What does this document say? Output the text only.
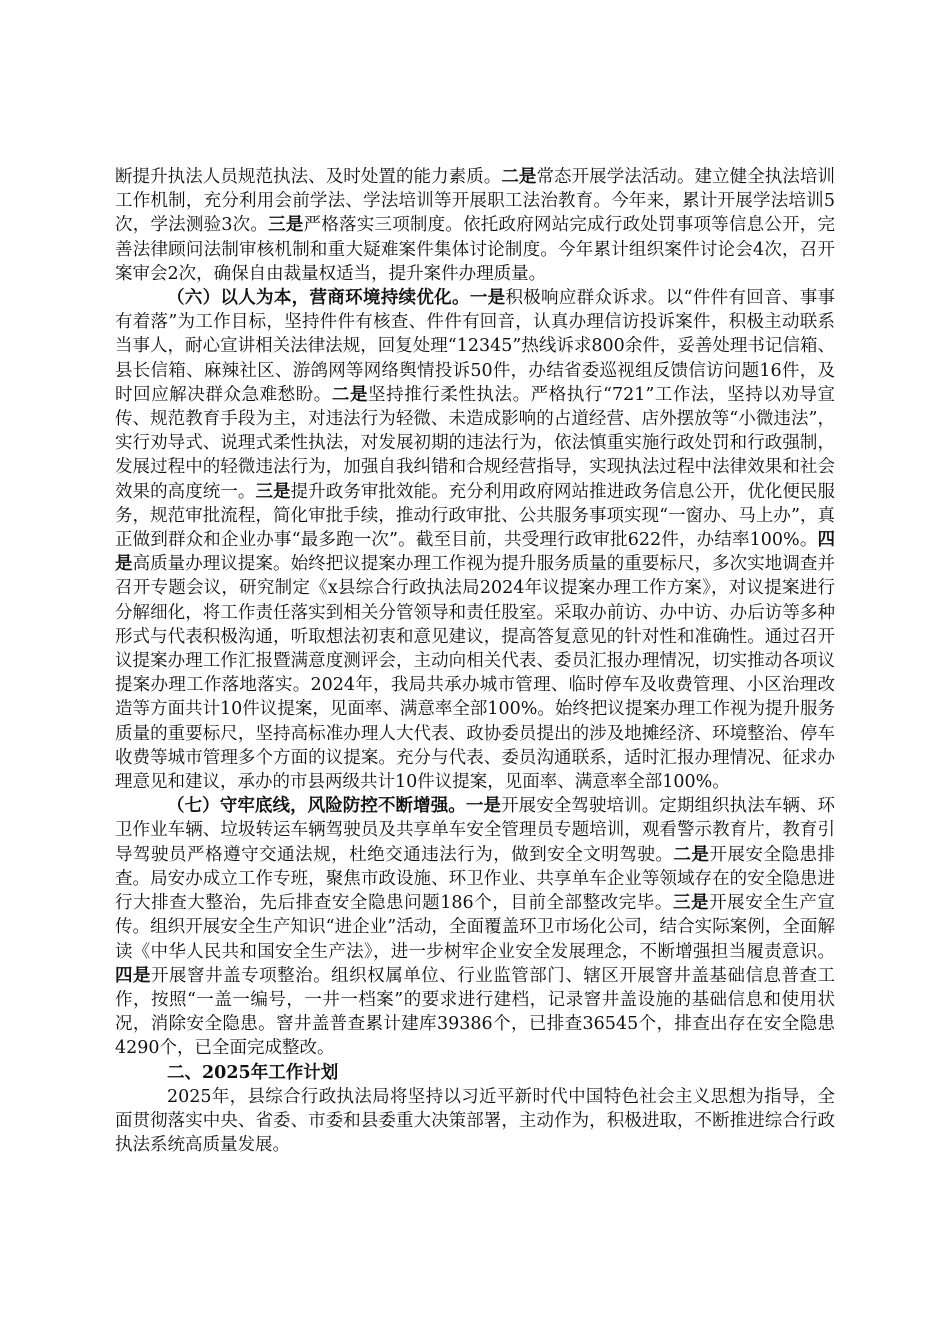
断提升执法人员规范执法、及时处置的能力素质。二是常态开展学法活动。建立健全执法培训工作机制，充分利用会前学法、学法培训等开展职工法治教育。今年来，累计开展学法培训5次，学法测验3次。三是严格落实三项制度。依托政府网站完成行政处罚事项等信息公开，完善法律顾问法制审核机制和重大疑难案件集体讨论制度。今年累计组织案件讨论会4次，召开案审会2次，确保自由裁量权适当，提升案件办理质量。

（六）以人为本，营商环境持续优化。一是积极响应群众诉求。以“件件有回音、事事有着落”为工作目标，坚持件件有核查、件件有回音，认真办理信访投诉案件，积极主动联系当事人，耐心宣讲相关法律法规，回复处理“12345”热线诉求800余件，妥善处理书记信箱、县长信箱、麻辣社区、游鸽网等网络舆情投诉50件，办结省委巡视组反馈信访问题16件，及时回应解决群众急难愁盼。二是坚持推行柔性执法。严格执行“721”工作法，坚持以劝导宣传、规范教育手段为主，对违法行为轻微、未造成影响的占道经营、店外摆放等“小微违法”，实行劝导式、说理式柔性执法，对发展初期的违法行为，依法慎重实施行政处罚和行政强制，发展过程中的轻微违法行为，加强自我纠错和合规经营指导，实现执法过程中法律效果和社会效果的高度统一。三是提升政务审批效能。充分利用政府网站推进政务信息公开，优化便民服务，规范审批流程，简化审批手续，推动行政审批、公共服务事项实现“一窗办、马上办”，真正做到群众和企业办事“最多跑一次”。截至目前，共受理行政审批622件，办结率100%。四是高质量办理议提案。始终把议提案办理工作视为提升服务质量的重要标尺，多次实地调查并召开专题会议，研究制定《x县综合行政执法局2024年议提案办理工作方案》，对议提案进行分解细化，将工作责任落实到相关分管领导和责任股室。采取办前访、办中访、办后访等多种形式与代表积极沟通，听取想法初衷和意见建议，提高答复意见的针对性和准确性。通过召开议提案办理工作汇报暨满意度测评会，主动向相关代表、委员汇报办理情况，切实推动各项议提案办理工作落地落实。2024年，我局共承办城市管理、临时停车及收费管理、小区治理改造等方面共计10件议提案，见面率、满意率全部100%。始终把议提案办理工作视为提升服务质量的重要标尺，坚持高标准办理人大代表、政协委员提出的涉及地摊经济、环境整治、停车收费等城市管理多个方面的议提案。充分与代表、委员沟通联系，适时汇报办理情况、征求办理意见和建议，承办的市县两级共计10件议提案，见面率、满意率全部100%。

（七）守牢底线，风险防控不断增强。一是开展安全驾驶培训。定期组织执法车辆、环卫作业车辆、垃圾转运车辆驾驶员及共享单车安全管理员专题培训，观看警示教育片，教育引导驾驶员严格遵守交通法规，杜绝交通违法行为，做到安全文明驾驶。二是开展安全隐患排查。局安办成立工作专班，聚焦市政设施、环卫作业、共享单车企业等领域存在的安全隐患进行大排查大整治，先后排查安全隐患问题186个，目前全部整改完毕。三是开展安全生产宣传。组织开展安全生产知识“进企业”活动，全面覆盖环卫市场化公司，结合实际案例，全面解读《中华人民共和国安全生产法》，进一步树牢企业安全发展理念，不断增强担当履责意识。四是开展窨井盖专项整治。组织权属单位、行业监管部门、辖区开展窨井盖基础信息普查工作，按照“一盖一编号，一井一档案”的要求进行建档，记录窨井盖设施的基础信息和使用状况，消除安全隐患。窨井盖普查累计建库39386个，已排查36545个，排查出存在安全隐患4290个，已全面完成整改。

二、2025年工作计划

2025年，县综合行政执法局将坚持以习近平新时代中国特色社会主义思想为指导，全面贯彻落实中央、省委、市委和县委重大决策部署，主动作为，积极进取，不断推进综合行政执法系统高质量发展。
